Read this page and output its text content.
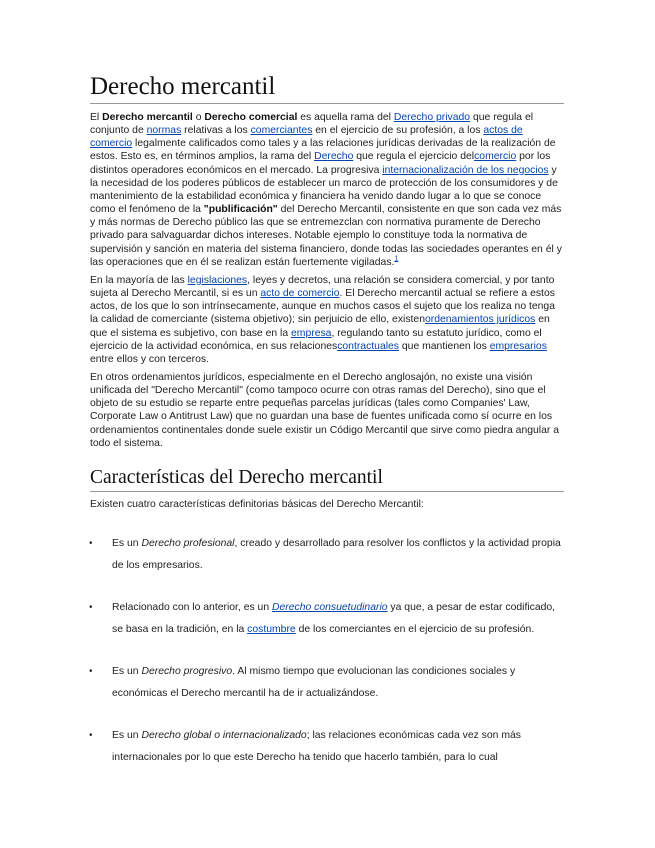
Derecho mercantil

El Derecho mercantil o Derecho comercial es aquella rama del Derecho privado que regula el conjunto de normas relativas a los comerciantes en el ejercicio de su profesión, a los actos de comercio legalmente calificados como tales y a las relaciones jurídicas derivadas de la realización de estos. Esto es, en términos amplios, la rama del Derecho que regula el ejercicio delcomercio por los distintos operadores económicos en el mercado. La progresiva internacionalización de los negocios y la necesidad de los poderes públicos de establecer un marco de protección de los consumidores y de mantenimiento de la estabilidad económica y financiera ha venido dando lugar a lo que se conoce como el fenómeno de la "publificación" del Derecho Mercantil, consistente en que son cada vez más y más normas de Derecho público las que se entremezclan con normativa puramente de Derecho privado para salvaguardar dichos intereses. Notable ejemplo lo constituye toda la normativa de supervisión y sanción en materia del sistema financiero, donde todas las sociedades operantes en él y las operaciones que en él se realizan están fuertemente vigiladas.$^1$

En la mayoría de las legislaciones, leyes y decretos, una relación se considera comercial, y por tanto sujeta al Derecho Mercantil, si es un acto de comercio. El Derecho mercantil actual se refiere a estos actos, de los que lo son intrínsecamente, aunque en muchos casos el sujeto que los realiza no tenga la calidad de comerciante (sistema objetivo); sin perjuicio de ello, existenordenamientos jurídicos en que el sistema es subjetivo, con base en la empresa, regulando tanto su estatuto jurídico, como el ejercicio de la actividad económica, en sus relacionescontractuales que mantienen los empresarios entre ellos y con terceros.

En otros ordenamientos jurídicos, especialmente en el Derecho anglosajón, no existe una visión unificada del "Derecho Mercantil" (como tampoco ocurre con otras ramas del Derecho), sino que el objeto de su estudio se reparte entre pequeñas parcelas jurídicas (tales como Companies' Law, Corporate Law o Antitrust Law) que no guardan una base de fuentes unificada como sí ocurre en los ordenamientos continentales donde suele existir un Código Mercantil que sirve como piedra angular a todo el sistema.

Características del Derecho mercantil

Existen cuatro características definitorias básicas del Derecho Mercantil:

• Es un Derecho profesional, creado y desarrollado para resolver los conflictos y la actividad propia de los empresarios.
• Relacionado con lo anterior, es un Derecho consuetudinario ya que, a pesar de estar codificado, se basa en la tradición, en la costumbre de los comerciantes en el ejercicio de su profesión.
• Es un Derecho progresivo. Al mismo tiempo que evolucionan las condiciones sociales y económicas el Derecho mercantil ha de ir actualizándose.
• Es un Derecho global o internacionalizado; las relaciones económicas cada vez son más internacionales por lo que este Derecho ha tenido que hacerlo también, para lo cual
